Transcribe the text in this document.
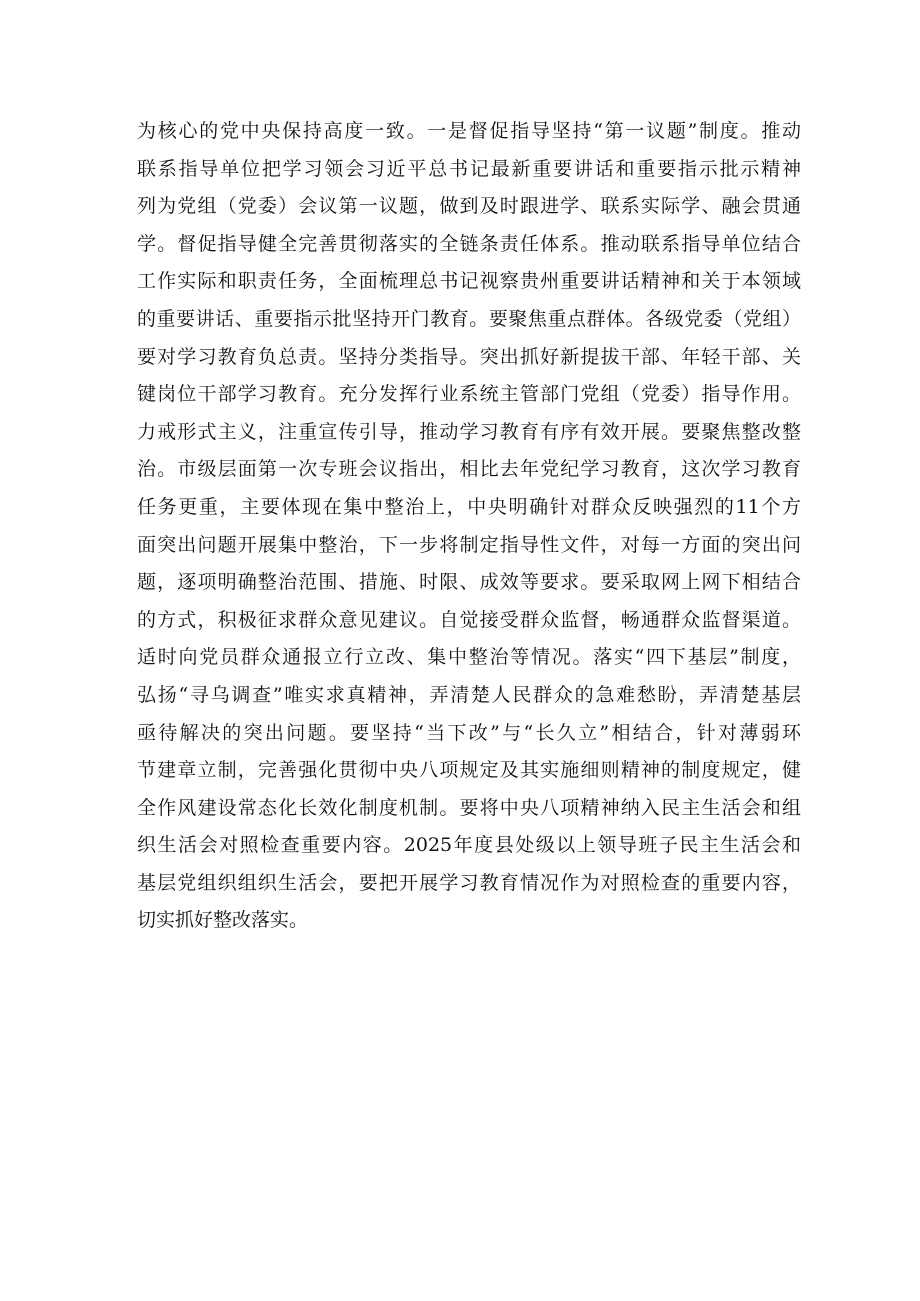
为核心的党中央保持高度一致。一是督促指导坚持“第一议题”制度。推动
联系指导单位把学习领会习近平总书记最新重要讲话和重要指示批示精神
列为党组（党委）会议第一议题，做到及时跟进学、联系实际学、融会贯通
学。督促指导健全完善贯彻落实的全链条责任体系。推动联系指导单位结合
工作实际和职责任务，全面梳理总书记视察贵州重要讲话精神和关于本领域
的重要讲话、重要指示批坚持开门教育。要聚焦重点群体。各级党委（党组）
要对学习教育负总责。坚持分类指导。突出抓好新提拔干部、年轻干部、关
键岗位干部学习教育。充分发挥行业系统主管部门党组（党委）指导作用。
力戒形式主义，注重宣传引导，推动学习教育有序有效开展。要聚焦整改整
治。市级层面第一次专班会议指出，相比去年党纪学习教育，这次学习教育
任务更重，主要体现在集中整治上，中央明确针对群众反映强烈的11个方
面突出问题开展集中整治，下一步将制定指导性文件，对每一方面的突出问
题，逐项明确整治范围、措施、时限、成效等要求。要采取网上网下相结合
的方式，积极征求群众意见建议。自觉接受群众监督，畅通群众监督渠道。
适时向党员群众通报立行立改、集中整治等情况。落实“四下基层”制度，
弘扬“寻乌调查”唯实求真精神，弄清楚人民群众的急难愁盼，弄清楚基层
亟待解决的突出问题。要坚持“当下改”与“长久立”相结合，针对薄弱环
节建章立制，完善强化贯彻中央八项规定及其实施细则精神的制度规定，健
全作风建设常态化长效化制度机制。要将中央八项精神纳入民主生活会和组
织生活会对照检查重要内容。2025年度县处级以上领导班子民主生活会和
基层党组织组织生活会，要把开展学习教育情况作为对照检查的重要内容，
切实抓好整改落实。
